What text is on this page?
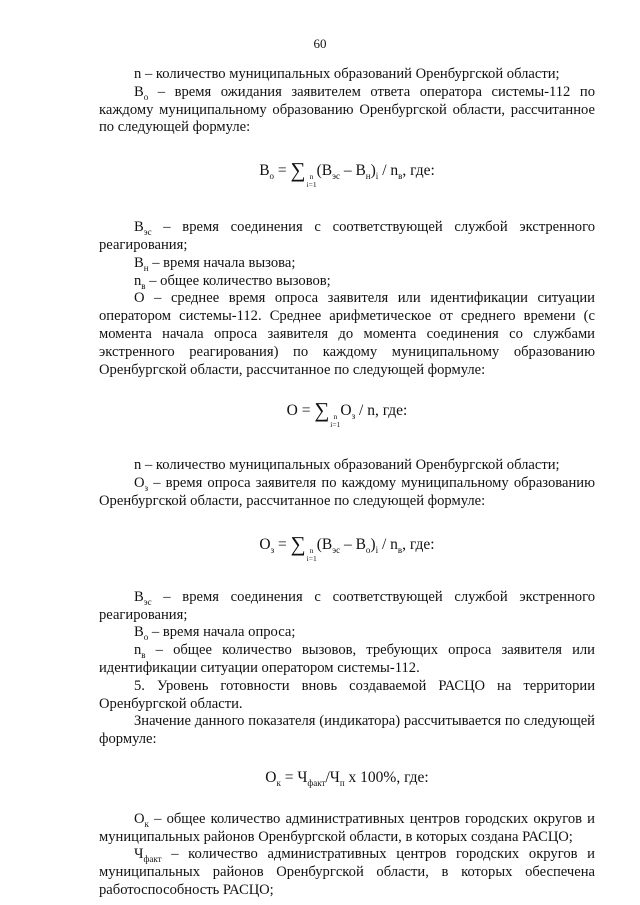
60

n – количество муниципальных образований Оренбургской области;

$В_о$ – время ожидания заявителем ответа оператора системы-112 по каждому муниципальному образованию Оренбургской области, рассчитанное по следующей формуле:

$В_о$ = ∑ n
i=1
$(В_{эс} - В_н)_i / n_в$, где:

$В_{эс}$ – время соединения с соответствующей службой экстренного реагирования;

$В_н$ – время начала вызова;

$n_в$ – общее количество вызовов;

О – среднее время опроса заявителя или идентификации ситуации оператором системы-112. Среднее арифметическое от среднего времени (с момента начала опроса заявителя до момента соединения со службами экстренного реагирования) по каждому муниципальному образованию Оренбургской области, рассчитанное по следующей формуле:

О = ∑ n
i=1
$О_з$ / n, где:

n – количество муниципальных образований Оренбургской области;

$О_з$ – время опроса заявителя по каждому муниципальному образованию Оренбургской области, рассчитанное по следующей формуле:

$О_з$ = ∑ n
i=1
$(В_{эс} - В_о)_i / n_в$, где:

$В_{эс}$ – время соединения с соответствующей службой экстренного реагирования;

$В_о$ – время начала опроса;

$n_в$ – общее количество вызовов, требующих опроса заявителя или идентификации ситуации оператором системы-112.

5. Уровень готовности вновь создаваемой РАСЦО на территории Оренбургской области.

Значение данного показателя (индикатора) рассчитывается по следующей формуле:

$О_к = Ч_{факт}/Ч_п$ х 100%, где:

$О_к$ – общее количество административных центров городских округов и муниципальных районов Оренбургской области, в которых создана РАСЦО;

$Ч_{факт}$ – количество административных центров городских округов и муниципальных районов Оренбургской области, в которых обеспечена работоспособность РАСЦО;
